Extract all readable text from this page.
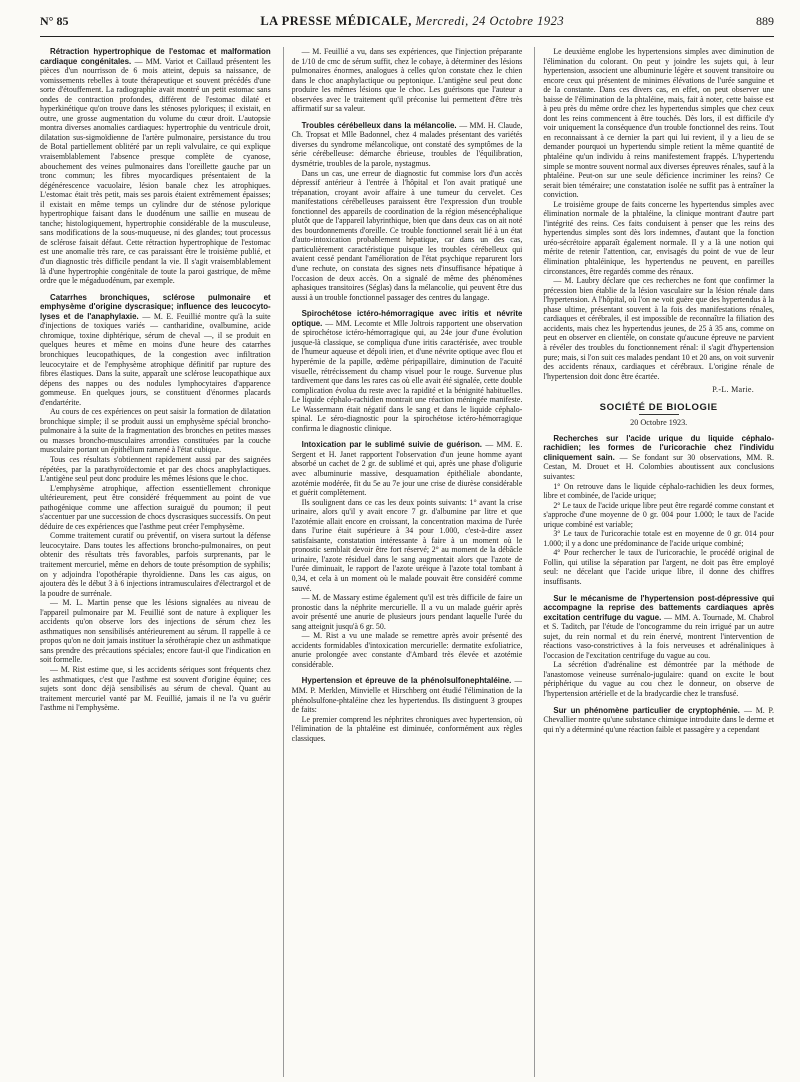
N° 85	LA PRESSE MÉDICALE, Mercredi, 24 Octobre 1923	889

Rétraction hypertrophique de l'estomac et malformation cardiaque congénitales. — MM. Variot et Caillaud présentent les pièces d'un nourrisson de 6 mois atteint, depuis sa naissance, de vomissements rebelles à toute thérapeutique et souvent précédés d'une sorte d'étouffement. La radiographie avait montré un petit estomac sans ondes de contraction profondes, différent de l'estomac dilaté et hyperkinétique qu'on trouve dans les sténoses pyloriques; il existait, en outre, une grosse augmentation du volume du cœur droit. L'autopsie montra diverses anomalies cardiaques: hypertrophie du ventricule droit, dilatation sus-sigmoïdienne de l'artère pulmonaire, persistance du trou de Botal partiellement oblitéré par un repli valvulaire, ce qui explique vraisemblablement l'absence presque complète de cyanose, abouchement des veines pulmonaires dans l'oreillette gauche par un tronc commun; les fibres myocardiques présentaient de la dégénérescence vacuolaire, lésion banale chez les atrophiques. L'estomac était très petit, mais ses parois étaient extrêmement épaisses; il existait en même temps un cylindre dur de sténose pylorique hypertrophique faisant dans le duodénum une saillie en museau de tanche; histologiquement, hypertrophie considérable de la musculeuse, sans modifications de la sous-muqueuse, ni des glandes; tout processus de sclérose faisait défaut. Cette rétraction hypertrophique de l'estomac est une anomalie très rare, ce cas paraissant être le troisième publié, et d'un diagnostic très difficile pendant la vie. Il s'agit vraisemblablement là d'une hypertrophie congénitale de toute la paroi gastrique, de même ordre que le mégaduodénum, par exemple.

Catarrhes bronchiques, sclérose pulmonaire et emphysème d'origine dyscrasique; influence des leucocyto-lyses et de l'anaphylaxie. — M. E. Feuillié montre qu'à la suite d'injections de toxiques variés — cantharidine, ovalbumine, acide chromique, toxine diphtérique, sérum de cheval —, il se produit en quelques heures et même en moins d'une heure des catarrhes bronchiques leucopathiques, de la congestion avec infiltration leucocytaire et de l'emphysème atrophique définitif par rupture des fibres élastiques. Dans la suite, apparaît une sclérose leucopathique aux dépens des nappes ou des nodules lymphocytaires d'apparence gommeuse. En quelques jours, se constituent d'énormes placards d'endartérite.

Au cours de ces expériences on peut saisir la formation de dilatation bronchique simple; il se produit aussi un emphysème spécial broncho-pulmonaire à la suite de la fragmentation des bronches en petites masses ou masses broncho-musculaires arrondies constituées par la couche musculaire portant un épithélium ramené à l'état cubique.

Tous ces résultats s'obtiennent rapidement aussi par des saignées répétées, par la parathyroïdectomie et par des chocs anaphylactiques. L'antigène seul peut donc produire les mêmes lésions que le choc.

L'emphysème atrophique, affection essentiellement chronique ultérieurement, peut être considéré fréquemment au point de vue pathogénique comme une affection suraiguë du poumon; il peut s'accentuer par une succession de chocs dyscrasiques successifs. On peut déduire de ces expériences que l'asthme peut créer l'emphysème.

Comme traitement curatif ou préventif, on visera surtout la défense leucocytaire. Dans toutes les affections broncho-pulmonaires, on peut obtenir des résultats très favorables, parfois surprenants, par le traitement mercuriel, même en dehors de toute présomption de syphilis; on y adjoindra l'opothérapie thyroïdienne. Dans les cas aigus, on ajoutera dès le début 3 à 6 injections intramusculaires d'électrargol et de la poudre de surrénale.

— M. L. Martin pense que les lésions signalées au niveau de l'appareil pulmonaire par M. Feuillié sont de nature à expliquer les accidents qu'on observe lors des injections de sérum chez les asthmatiques non sensibilisés antérieurement au sérum. Il rappelle à ce propos qu'on ne doit jamais instituer la sérothérapie chez un asthmatique sans prendre des précautions spéciales; encore faut-il que l'indication en soit formelle.

— M. Rist estime que, si les accidents sériques sont fréquents chez les asthmatiques, c'est que l'asthme est souvent d'origine équine; ces sujets sont donc déjà sensibilisés au sérum de cheval. Quant au traitement mercuriel vanté par M. Feuillié, jamais il ne l'a vu guérir l'asthme ni l'emphysème.

— M. Feuillié a vu, dans ses expériences, que l'injection préparante de 1/10 de cmc de sérum suffit, chez le cobaye, à déterminer des lésions pulmonaires énormes, analogues à celles qu'on constate chez le chien dans le choc anaphylactique ou peptonique. L'antigène seul peut donc produire les mêmes lésions que le choc. Les guérisons que l'auteur a observées avec le traitement qu'il préconise lui permettent d'être très affirmatif sur sa valeur.

Troubles cérébelleux dans la mélancolie. — MM. H. Claude, Ch. Tropsat et Mlle Badonnel, chez 4 malades présentant des variétés diverses du syndrome mélancolique, ont constaté des symptômes de la série cérébelleuse: démarche ébrieuse, troubles de l'équilibration, dysmétrie, troubles de la parole, nystagmus.

Dans un cas, une erreur de diagnostic fut commise lors d'un accès dépressif antérieur à l'entrée à l'hôpital et l'on avait pratiqué une trépanation, croyant avoir affaire à une tumeur du cervelet. Ces manifestations cérébelleuses paraissent être l'expression d'un trouble fonctionnel des appareils de coordination de la région mésencéphalique plutôt que de l'appareil labyrinthique, bien que dans deux cas on ait noté des bourdonnements d'oreille. Ce trouble fonctionnel serait lié à un état d'auto-intoxication probablement hépatique, car dans un des cas, particulièrement caractéristique puisque les troubles cérébelleux qui avaient cessé pendant l'amélioration de l'état psychique reparurent lors d'une rechute, on constata des signes nets d'insuffisance hépatique à l'occasion de deux accès. On a signalé de même des phénomènes aphasiques transitoires (Séglas) dans la mélancolie, qui peuvent être dus aussi à un trouble fonctionnel passager des centres du langage.

Spirochétose ictéro-hémorragique avec iritis et névrite optique. — MM. Lecomte et Mlle Joltrois rapportent une observation de spirochétose ictéro-hémorragique qui, au 24e jour d'une évolution jusque-là classique, se compliqua d'une iritis caractérisée, avec trouble de l'humeur aqueuse et dépoli irien, et d'une névrite optique avec flou et hyperémie de la papille, œdème péripapillaire, diminution de l'acuité visuelle, rétrécissement du champ visuel pour le rouge. Survenue plus tardivement que dans les rares cas où elle avait été signalée, cette double complication évolua du reste avec la rapidité et la bénignité habituelles. Le liquide céphalo-rachidien montrait une réaction méningée manifeste. Le Wassermann était négatif dans le sang et dans le liquide céphalo-spinal. Le séro-diagnostic pour la spirochétose ictéro-hémorragique confirma le diagnostic clinique.

Intoxication par le sublimé suivie de guérison. — MM. E. Sergent et H. Janet rapportent l'observation d'un jeune homme ayant absorbé un cachet de 2 gr. de sublimé et qui, après une phase d'oligurie avec albuminurie massive, desquamation épithéliale abondante, azotémie modérée, fit du 5e au 7e jour une crise de diurèse considérable et guérit complètement.

Ils soulignent dans ce cas les deux points suivants: 1° avant la crise urinaire, alors qu'il y avait encore 7 gr. d'albumine par litre et que l'azotémie allait encore en croissant, la concentration maxima de l'urée dans l'urine était supérieure à 34 pour 1.000, c'est-à-dire assez satisfaisante, constatation intéressante à faire à un moment où le pronostic semblait devoir être fort réservé; 2° au moment de la débâcle urinaire, l'azote résiduel dans le sang augmentait alors que l'azote de l'urée diminuait, le rapport de l'azote uréique à l'azote total tombant à 0,34, et cela à un moment où le malade pouvait être considéré comme sauvé.

— M. de Massary estime également qu'il est très difficile de faire un pronostic dans la néphrite mercurielle. Il a vu un malade guérir après avoir présenté une anurie de plusieurs jours pendant laquelle l'urée du sang atteignit jusqu'à 6 gr. 50.

— M. Rist a vu une malade se remettre après avoir présenté des accidents formidables d'intoxication mercurielle: dermatite exfoliatrice, anurie prolongée avec constante d'Ambard très élevée et azotémie considérable.

Hypertension et épreuve de la phénolsulfonephtaléine. — MM. P. Merklen, Minvielle et Hirschberg ont étudié l'élimination de la phénolsulfone-phtaléine chez les hypertendus. Ils distinguent 3 groupes de faits:

Le premier comprend les néphrites chroniques avec hypertension, où l'élimination de la phtaléine est diminuée, conformément aux règles classiques.

Le deuxième englobe les hypertensions simples avec diminution de l'élimination du colorant. On peut y joindre les sujets qui, à leur hypertension, associent une albuminurie légère et souvent transitoire ou encore ceux qui présentent de minimes élévations de l'urée sanguine et de la constante. Dans ces divers cas, en effet, on peut observer une baisse de l'élimination de la phtaléine, mais, fait à noter, cette baisse est à peu près du même ordre chez les hypertendus simples que chez ceux dont les reins commencent à être touchés. Dès lors, il est difficile d'y voir uniquement la conséquence d'un trouble fonctionnel des reins. Tout en reconnaissant à ce dernier la part qui lui revient, il y a lieu de se demander pourquoi un hypertendu simple retient la même quantité de phtaléine qu'un individu à reins manifestement frappés. L'hypertendu simple se montre souvent normal aux diverses épreuves rénales, sauf à la phtaléine. Peut-on sur une seule déficience incriminer les reins? Ce serait bien téméraire; une constatation isolée ne suffit pas à entraîner la conviction.

Le troisième groupe de faits concerne les hypertendus simples avec élimination normale de la phtaléine, la clinique montrant d'autre part l'intégrité des reins. Ces faits conduisent à penser que les reins des hypertendus simples sont dès lors indemnes, d'autant que la fonction uréo-sécrétoire apparaît également normale. Il y a là une notion qui mérite de retenir l'attention, car, envisagés du point de vue de leur élimination phtaléinique, les hypertendus ne peuvent, en pareilles circonstances, être regardés comme des rénaux.

— M. Laubry déclare que ces recherches ne font que confirmer la précession bien établie de la lésion vasculaire sur la lésion rénale dans l'hypertension. A l'hôpital, où l'on ne voit guère que des hypertendus à la phase ultime, présentant souvent à la fois des manifestations rénales, cardiaques et cérébrales, il est impossible de reconnaître la filiation des accidents, mais chez les hypertendus jeunes, de 25 à 35 ans, comme on peut en observer en clientèle, on constate qu'aucune épreuve ne parvient à révéler des troubles du fonctionnement rénal: il s'agit d'hypertension pure; mais, si l'on suit ces malades pendant 10 et 20 ans, on voit survenir des accidents rénaux, cardiaques et cérébraux. L'origine rénale de l'hypertension doit donc être écartée.

P.-L. Marie.
SOCIÉTÉ DE BIOLOGIE
20 Octobre 1923.

Recherches sur l'acide urique du liquide céphalo-rachidien; les formes de l'uricorachie chez l'individu cliniquement sain. — Se fondant sur 30 observations, MM. R. Cestan, M. Drouet et H. Colombies aboutissent aux conclusions suivantes:

1° On retrouve dans le liquide céphalo-rachidien les deux formes, libre et combinée, de l'acide urique;

2° Le taux de l'acide urique libre peut être regardé comme constant et s'approche d'une moyenne de 0 gr. 004 pour 1.000; le taux de l'acide urique combiné est variable;

3° Le taux de l'uricorachie totale est en moyenne de 0 gr. 014 pour 1.000; il y a donc une prédominance de l'acide urique combiné;

4° Pour rechercher le taux de l'uricorachie, le procédé original de Follin, qui utilise la séparation par l'argent, ne doit pas être employé seul: ne décelant que l'acide urique libre, il donne des chiffres insuffisants.

Sur le mécanisme de l'hypertension post-dépressive qui accompagne la reprise des battements cardiaques après excitation centrifuge du vague. — MM. A. Tournade, M. Chabrol et S. Taditch, par l'étude de l'oncogramme du rein irrigué par un autre sujet, du rein normal et du rein énervé, montrent l'intervention de réactions vaso-constrictives à la fois nerveuses et adrénaliniques à l'occasion de l'excitation centrifuge du vague au cou.

La sécrétion d'adrénaline est démontrée par la méthode de l'anastomose veineuse surrénalo-jugulaire: quand on excite le bout périphérique du vague au cou chez le donneur, on observe de l'hypertension artérielle et de la bradycardie chez le transfusé.

Sur un phénomène particulier de cryptophénie. — M. P. Chevallier montre qu'une substance chimique introduite dans le derme et qui n'y a déterminé qu'une réaction faible et passagère y a cependant
